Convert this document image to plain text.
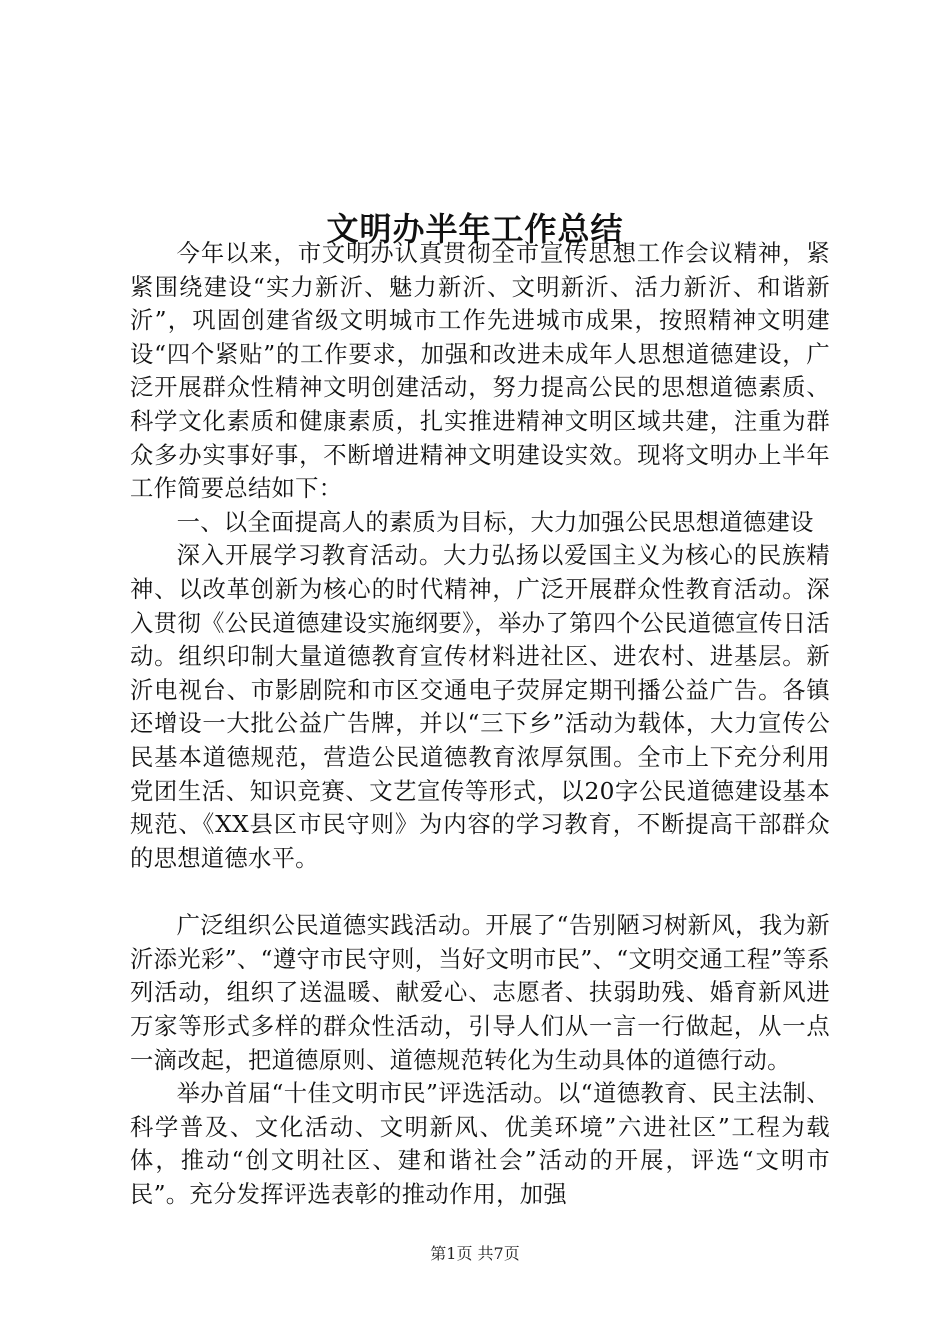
文明办半年工作总结

今年以来，市文明办认真贯彻全市宣传思想工作会议精神，紧紧围绕建设“实力新沂、魅力新沂、文明新沂、活力新沂、和谐新沂”，巩固创建省级文明城市工作先进城市成果，按照精神文明建设“四个紧贴”的工作要求，加强和改进未成年人思想道德建设，广泛开展群众性精神文明创建活动，努力提高公民的思想道德素质、科学文化素质和健康素质，扎实推进精神文明区域共建，注重为群众多办实事好事，不断增进精神文明建设实效。现将文明办上半年工作简要总结如下：

一、以全面提高人的素质为目标，大力加强公民思想道德建设

深入开展学习教育活动。大力弘扬以爱国主义为核心的民族精神、以改革创新为核心的时代精神，广泛开展群众性教育活动。深入贯彻《公民道德建设实施纲要》，举办了第四个公民道德宣传日活动。组织印制大量道德教育宣传材料进社区、进农村、进基层。新沂电视台、市影剧院和市区交通电子荧屏定期刊播公益广告。各镇还增设一大批公益广告牌，并以“三下乡”活动为载体，大力宣传公民基本道德规范，营造公民道德教育浓厚氛围。全市上下充分利用党团生活、知识竞赛、文艺宣传等形式，以20字公民道德建设基本规范、《XX县区市民守则》为内容的学习教育，不断提高干部群众的思想道德水平。

广泛组织公民道德实践活动。开展了“告别陋习树新风，我为新沂添光彩”、“遵守市民守则，当好文明市民”、“文明交通工程”等系列活动，组织了送温暖、献爱心、志愿者、扶弱助残、婚育新风进万家等形式多样的群众性活动，引导人们从一言一行做起，从一点一滴改起，把道德原则、道德规范转化为生动具体的道德行动。

举办首届“十佳文明市民”评选活动。以“道德教育、民主法制、科学普及、文化活动、文明新风、优美环境”六进社区”工程为载体，推动“创文明社区、建和谐社会”活动的开展，评选“文明市民”。充分发挥评选表彰的推动作用，加强

第1页 共7页
